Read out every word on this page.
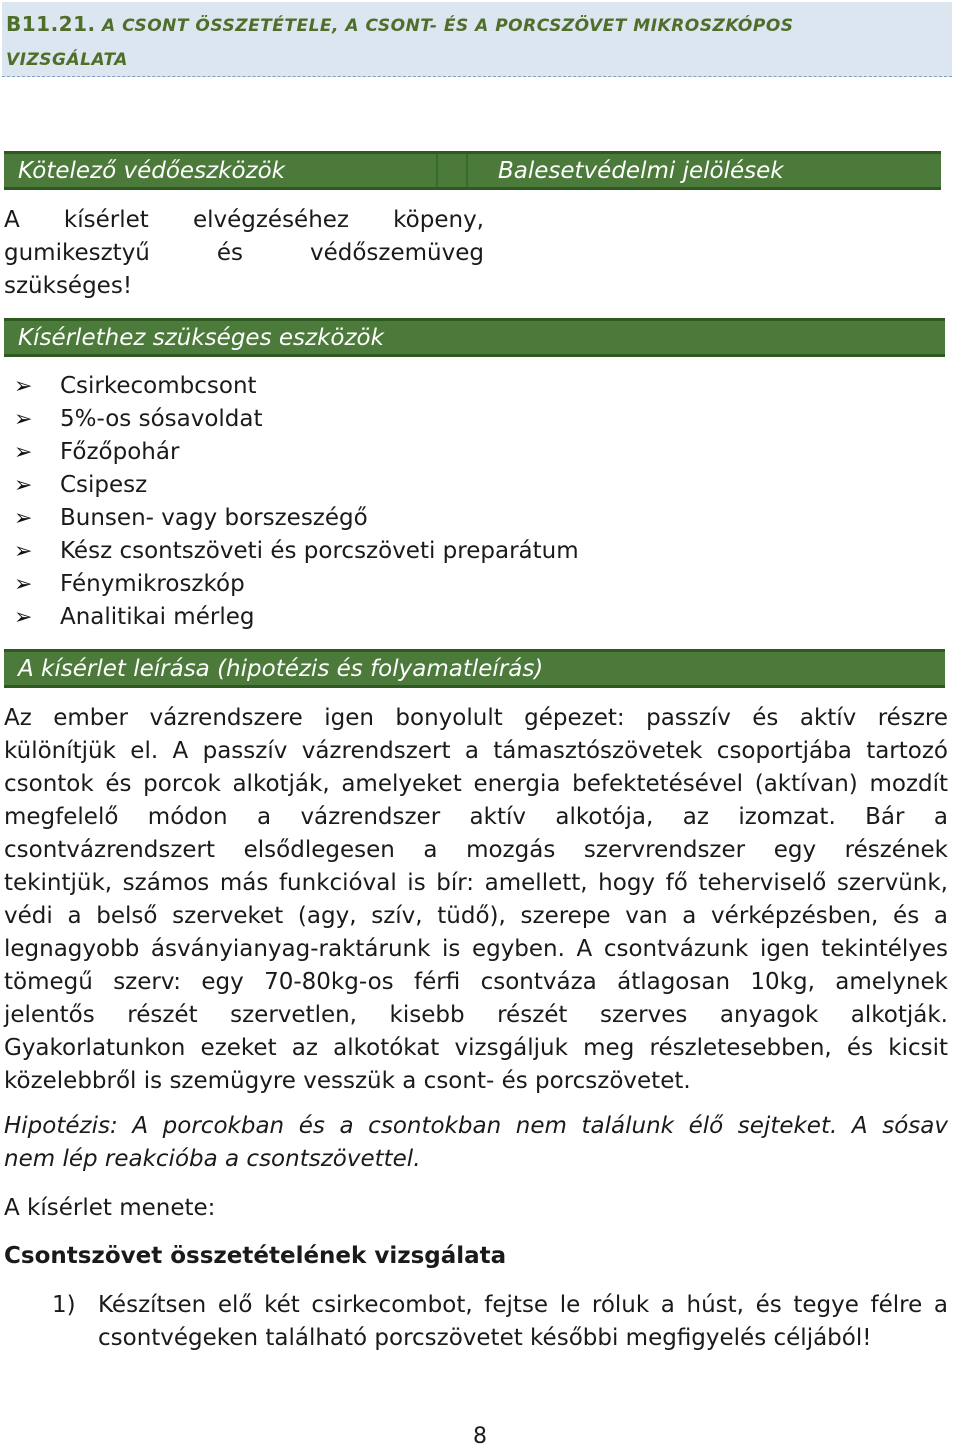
B11.21. A CSONT ÖSSZETÉTELE, A CSONT- ÉS A PORCSZÖVET MIKROSZKÓPOS
VIZSGÁLATA
Kötelező védőeszközök	Balesetvédelmi jelölések
A kísérlet elvégzéséhez köpeny,
gumikesztyű	és	védőszemüveg
szükséges!
Kísérlethez szükséges eszközök
➢	Csirkecombcsont
➢	5%-os sósavoldat
➢	Főzőpohár
➢	Csipesz
➢	Bunsen- vagy borszeszégő
➢	Kész csontszöveti és porcszöveti preparátum
➢	Fénymikroszkóp
➢	Analitikai mérleg
A kísérlet leírása (hipotézis és folyamatleírás)
Az ember vázrendszere igen bonyolult gépezet: passzív és aktív részre
különítjük el. A passzív vázrendszert a támasztószövetek csoportjába tartozó
csontok és porcok alkotják, amelyeket energia befektetésével (aktívan) mozdít
megfelelő módon a vázrendszer aktív alkotója, az izomzat. Bár a
csontvázrendszert elsődlegesen a mozgás szervrendszer egy részének
tekintjük, számos más funkcióval is bír: amellett, hogy fő teherviselő szervünk,
védi a belső szerveket (agy, szív, tüdő), szerepe van a vérképzésben, és a
legnagyobb ásványianyag-raktárunk is egyben. A csontvázunk igen tekintélyes
tömegű szerv: egy 70-80kg-os férfi csontváza átlagosan 10kg, amelynek
jelentős részét szervetlen, kisebb részét szerves anyagok alkotják.
Gyakorlatunkon ezeket az alkotókat vizsgáljuk meg részletesebben, és kicsit
közelebbről is szemügyre vesszük a csont- és porcszövetet.
Hipotézis: A porcokban és a csontokban nem találunk élő sejteket. A sósav
nem lép reakcióba a csontszövettel.
A kísérlet menete:
Csontszövet összetételének vizsgálata
1) Készítsen elő két csirkecombot, fejtse le róluk a húst, és tegye félre a
csontvégeken található porcszövetet későbbi megfigyelés céljából!
8
